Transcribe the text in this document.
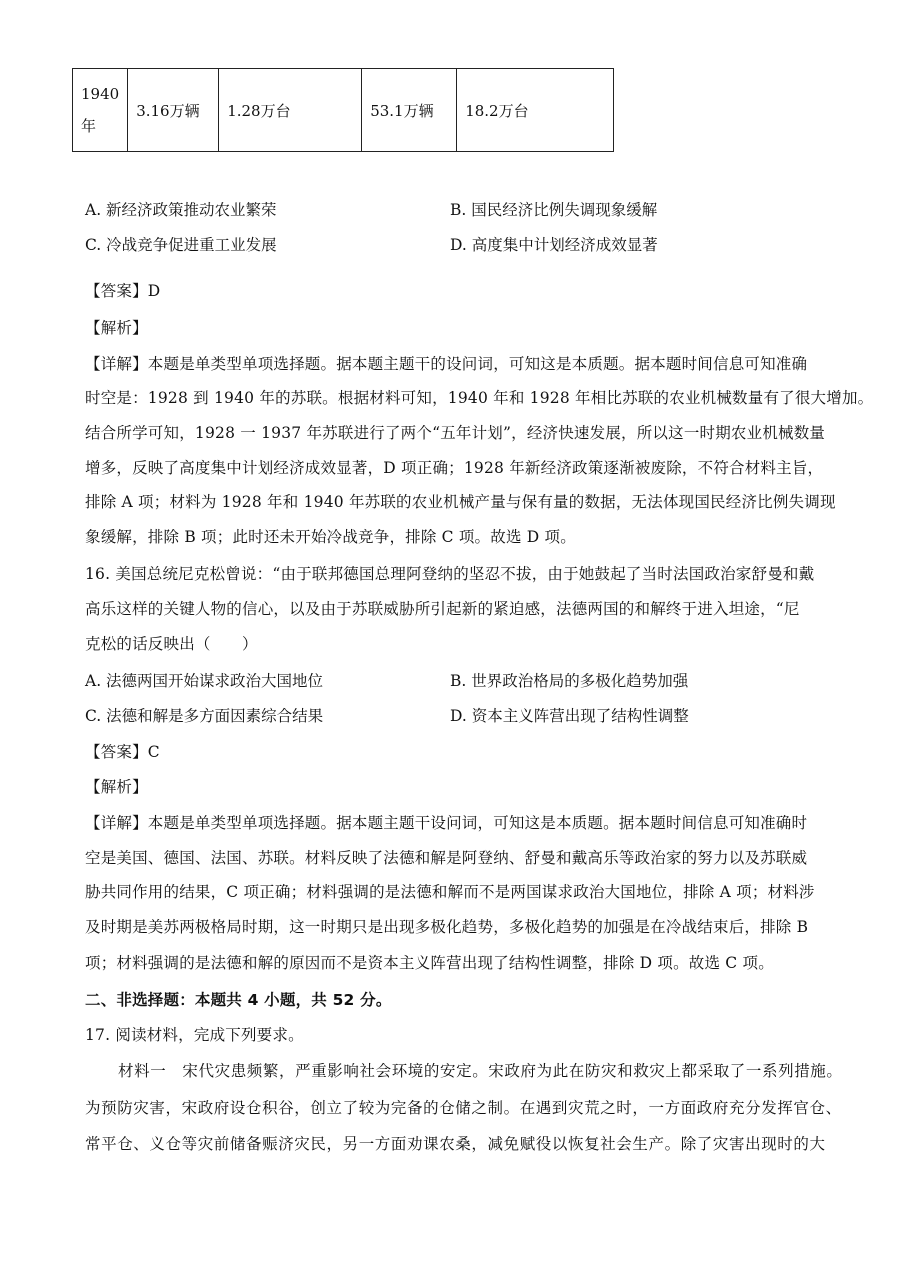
1940年	3.16万辆	1.28万台	53.1万辆	18.2万台
A. 新经济政策推动农业繁荣	B. 国民经济比例失调现象缓解
C. 冷战竞争促进重工业发展	D. 高度集中计划经济成效显著
【答案】D
【解析】
【详解】本题是单类型单项选择题。据本题主题干的设问词，可知这是本质题。据本题时间信息可知准确
时空是：1928 到 1940 年的苏联。根据材料可知，1940 年和 1928 年相比苏联的农业机械数量有了很大增加。
结合所学可知，1928 一 1937 年苏联进行了两个“五年计划”，经济快速发展，所以这一时期农业机械数量
增多，反映了高度集中计划经济成效显著，D 项正确；1928 年新经济政策逐渐被废除，不符合材料主旨，
排除 A 项；材料为 1928 年和 1940 年苏联的农业机械产量与保有量的数据，无法体现国民经济比例失调现
象缓解，排除 B 项；此时还未开始冷战竞争，排除 C 项。故选 D 项。
16. 美国总统尼克松曾说：“由于联邦德国总理阿登纳的坚忍不拔，由于她鼓起了当时法国政治家舒曼和戴
高乐这样的关键人物的信心，以及由于苏联威胁所引起新的紧迫感，法德两国的和解终于进入坦途，“尼
克松的话反映出（　　）
A. 法德两国开始谋求政治大国地位	B. 世界政治格局的多极化趋势加强
C. 法德和解是多方面因素综合结果	D. 资本主义阵营出现了结构性调整
【答案】C
【解析】
【详解】本题是单类型单项选择题。据本题主题干设问词，可知这是本质题。据本题时间信息可知准确时
空是美国、德国、法国、苏联。材料反映了法德和解是阿登纳、舒曼和戴高乐等政治家的努力以及苏联威
胁共同作用的结果，C 项正确；材料强调的是法德和解而不是两国谋求政治大国地位，排除 A 项；材料涉
及时期是美苏两极格局时期，这一时期只是出现多极化趋势，多极化趋势的加强是在冷战结束后，排除 B
项；材料强调的是法德和解的原因而不是资本主义阵营出现了结构性调整，排除 D 项。故选 C 项。
二、非选择题：本题共 4 小题，共 52 分。
17. 阅读材料，完成下列要求。
材料一　宋代灾患频繁，严重影响社会环境的安定。宋政府为此在防灾和救灾上都采取了一系列措施。
为预防灾害，宋政府设仓积谷，创立了较为完备的仓储之制。在遇到灾荒之时，一方面政府充分发挥官仓、
常平仓、义仓等灾前储备赈济灾民，另一方面劝课农桑，减免赋役以恢复社会生产。除了灾害出现时的大
